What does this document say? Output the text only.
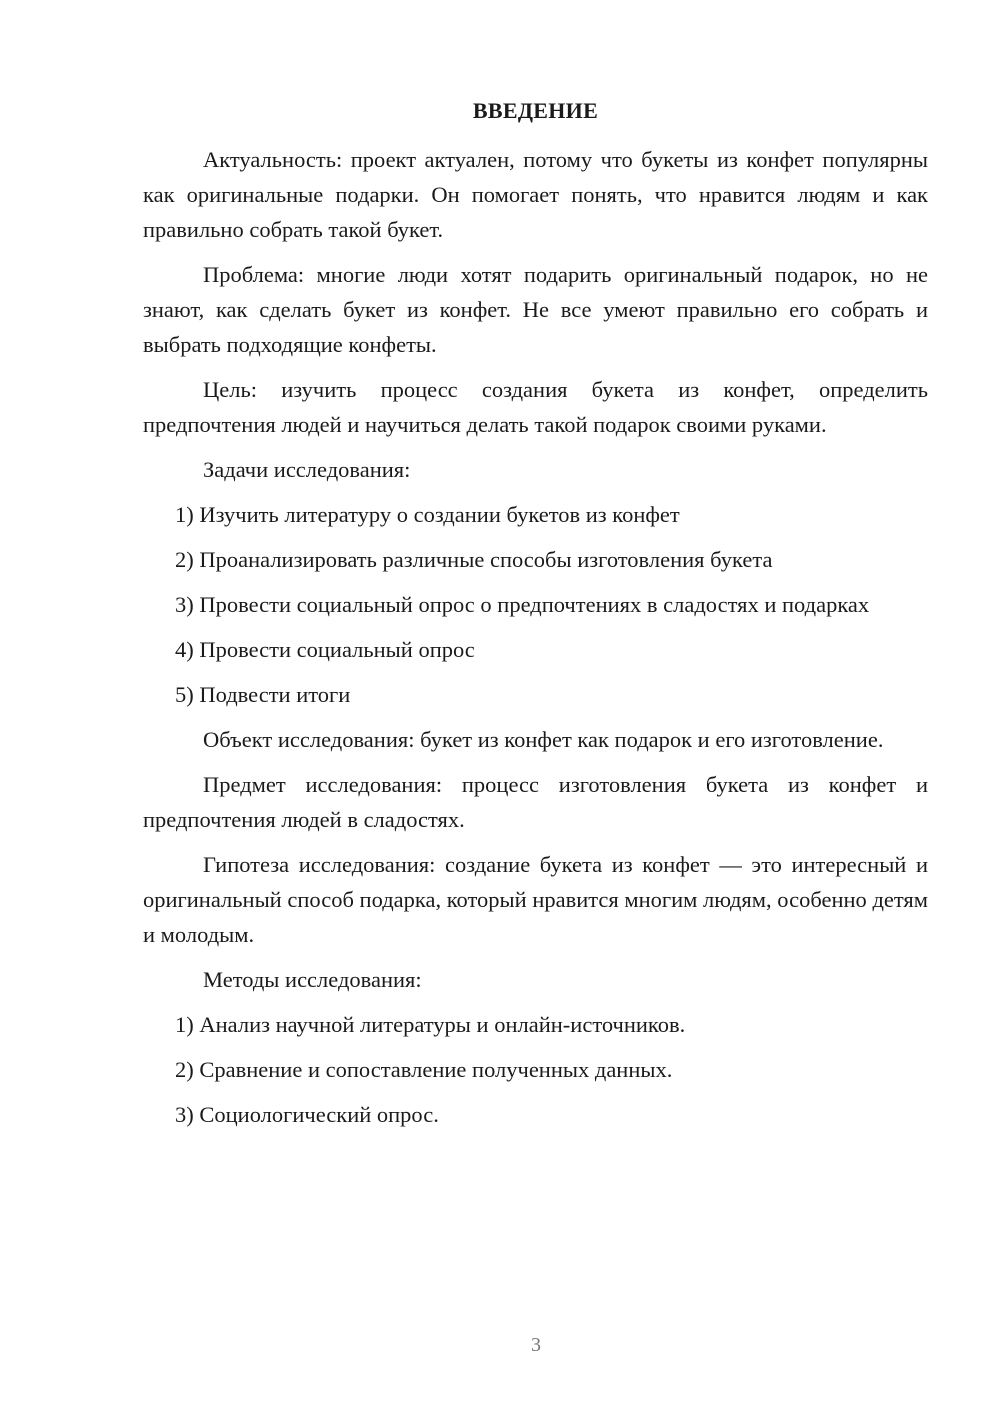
ВВЕДЕНИЕ

Актуальность: проект актуален, потому что букеты из конфет популярны как оригинальные подарки. Он помогает понять, что нравится людям и как правильно собрать такой букет.

Проблема: многие люди хотят подарить оригинальный подарок, но не знают, как сделать букет из конфет. Не все умеют правильно его собрать и выбрать подходящие конфеты.

Цель: изучить процесс создания букета из конфет, определить предпочтения людей и научиться делать такой подарок своими руками.

Задачи исследования:

1) Изучить литературу о создании букетов из конфет

2) Проанализировать различные способы изготовления букета

3) Провести социальный опрос о предпочтениях в сладостях и подарках

4) Провести социальный опрос

5) Подвести итоги

Объект исследования: букет из конфет как подарок и его изготовление.

Предмет исследования: процесс изготовления букета из конфет и предпочтения людей в сладостях.

Гипотеза исследования: создание букета из конфет — это интересный и оригинальный способ подарка, который нравится многим людям, особенно детям и молодым.

Методы исследования:

1) Анализ научной литературы и онлайн-источников.

2) Сравнение и сопоставление полученных данных.

3) Социологический опрос.

3
